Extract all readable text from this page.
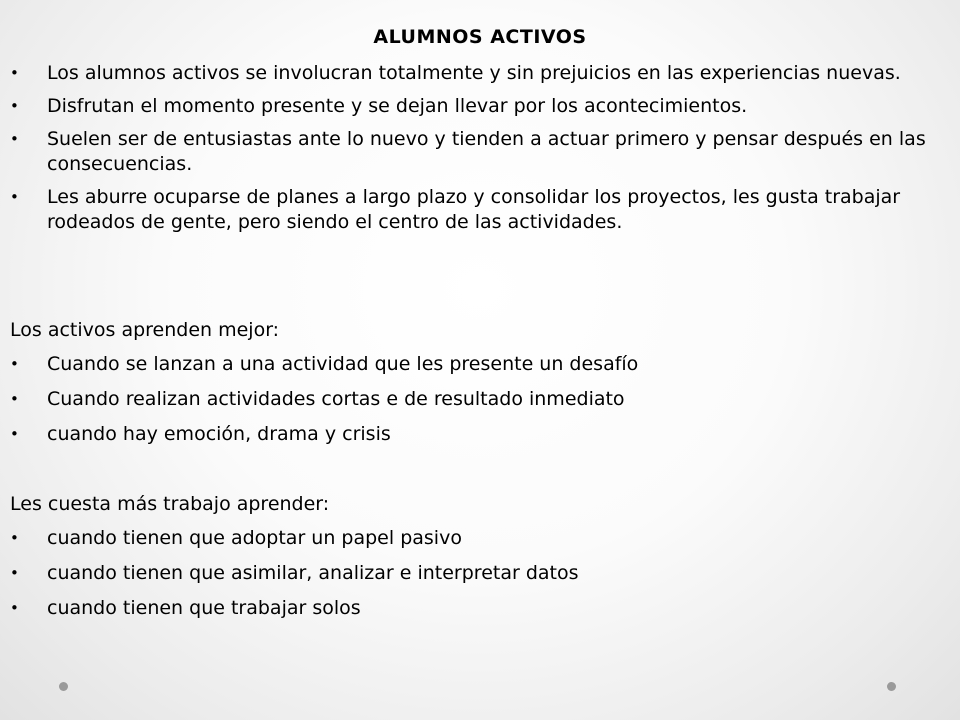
ALUMNOS ACTIVOS
• Los alumnos activos se involucran totalmente y sin prejuicios en las experiencias nuevas.
• Disfrutan el momento presente y se dejan llevar por los acontecimientos.
• Suelen ser de entusiastas ante lo nuevo y tienden a actuar primero y pensar después en las consecuencias.
• Les aburre ocuparse de planes a largo plazo y consolidar los proyectos, les gusta trabajar rodeados de gente, pero siendo el centro de las actividades.

Los activos aprenden mejor:

• Cuando se lanzan a una actividad que les presente un desafío
• Cuando realizan actividades cortas e de resultado inmediato
• cuando hay emoción, drama y crisis

Les cuesta más trabajo aprender:

• cuando tienen que adoptar un papel pasivo
• cuando tienen que asimilar, analizar e interpretar datos
• cuando tienen que trabajar solos
